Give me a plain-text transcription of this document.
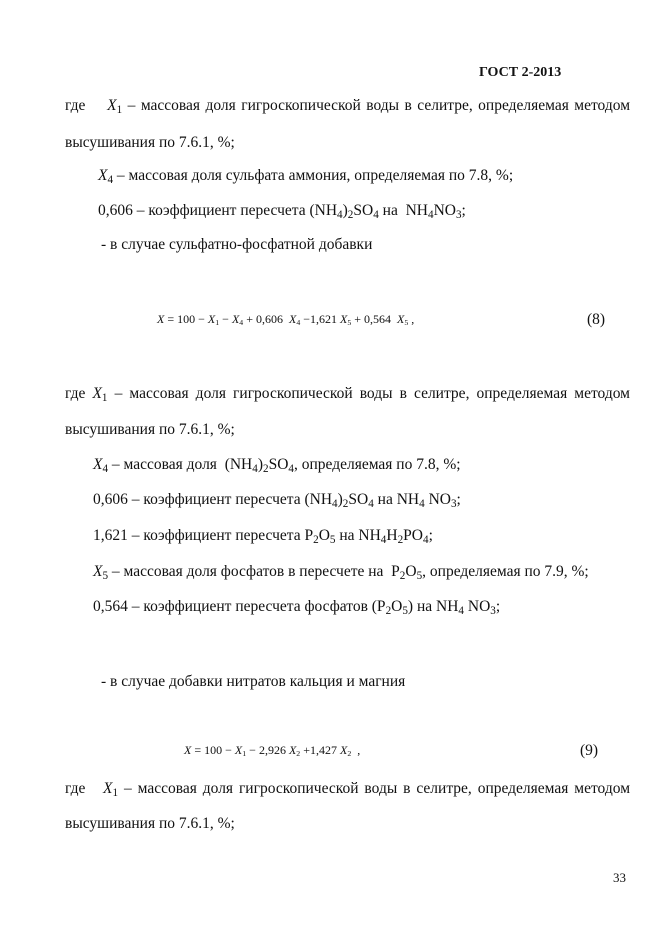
ГОСТ 2-2013
где $X_1$ – массовая доля гигроскопической воды в селитре, определяемая методом
высушивания по 7.6.1, %;
$X_4$ – массовая доля сульфата аммония, определяемая по 7.8, %;
0,606 – коэффициент пересчета $(NH_4)_2SO_4$ на  $NH_4NO_3$;
- в случае сульфатно-фосфатной добавки
$X = 100 - X_1 - X_4 + 0,606$ $X_4 -1,621$ $X_5 + 0,564$ $X_5$ ,	(8)
где $X_1$ – массовая доля гигроскопической воды в селитре, определяемая методом
высушивания по 7.6.1, %;
$X_4$ – массовая доля  $(NH_4)_2SO_4$, определяемая по 7.8, %;
0,606 – коэффициент пересчета $(NH_4)_2SO_4$ на $NH_4$ $NO_3$;
1,621 – коэффициент пересчета $P_2O_5$ на $NH_4H_2PO_4$;
$X_5$ – массовая доля фосфатов в пересчете на  $P_2O_5$, определяемая по 7.9, %;
0,564 – коэффициент пересчета фосфатов $(P_2O_5)$ на $NH_4$ $NO_3$;
- в случае добавки нитратов кальция и магния
$X = 100 - X_1 - 2,926$ $X_2 +1,427$ $X_2$  ,	(9)
где $X_1$ – массовая доля гигроскопической воды в селитре, определяемая методом
высушивания по 7.6.1, %;
33
